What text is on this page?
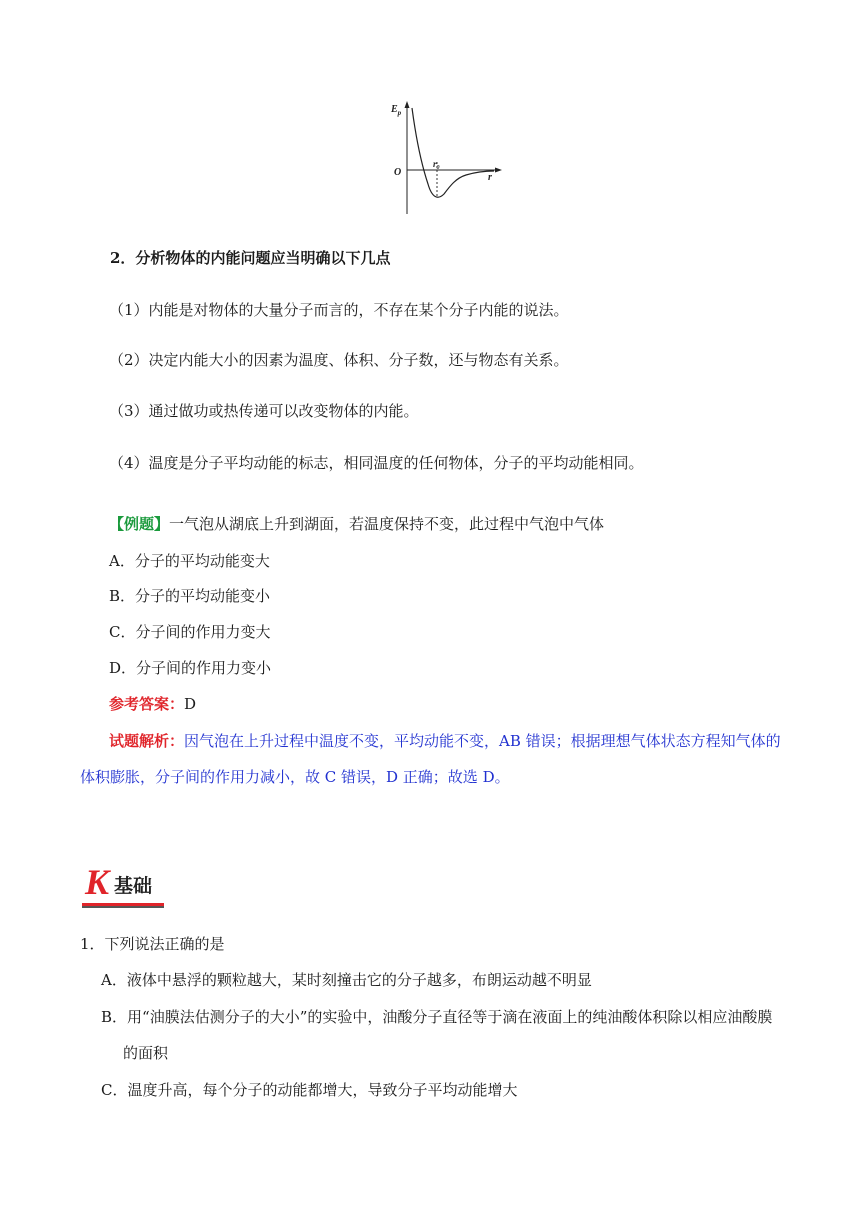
$E_p$
O
$r_0$
r
2．分析物体的内能问题应当明确以下几点
（1）内能是对物体的大量分子而言的，不存在某个分子内能的说法。
（2）决定内能大小的因素为温度、体积、分子数，还与物态有关系。
（3）通过做功或热传递可以改变物体的内能。
（4）温度是分子平均动能的标志，相同温度的任何物体，分子的平均动能相同。
【例题】一气泡从湖底上升到湖面，若温度保持不变，此过程中气泡中气体
A．分子的平均动能变大
B．分子的平均动能变小
C．分子间的作用力变大
D．分子间的作用力变小
参考答案：D
试题解析：因气泡在上升过程中温度不变，平均动能不变，AB 错误；根据理想气体状态方程知气体的
体积膨胀，分子间的作用力减小，故 C 错误，D 正确；故选 D。
K 基础
1．下列说法正确的是
A．液体中悬浮的颗粒越大，某时刻撞击它的分子越多，布朗运动越不明显
B．用“油膜法估测分子的大小”的实验中，油酸分子直径等于滴在液面上的纯油酸体积除以相应油酸膜
的面积
C．温度升高，每个分子的动能都增大，导致分子平均动能增大
